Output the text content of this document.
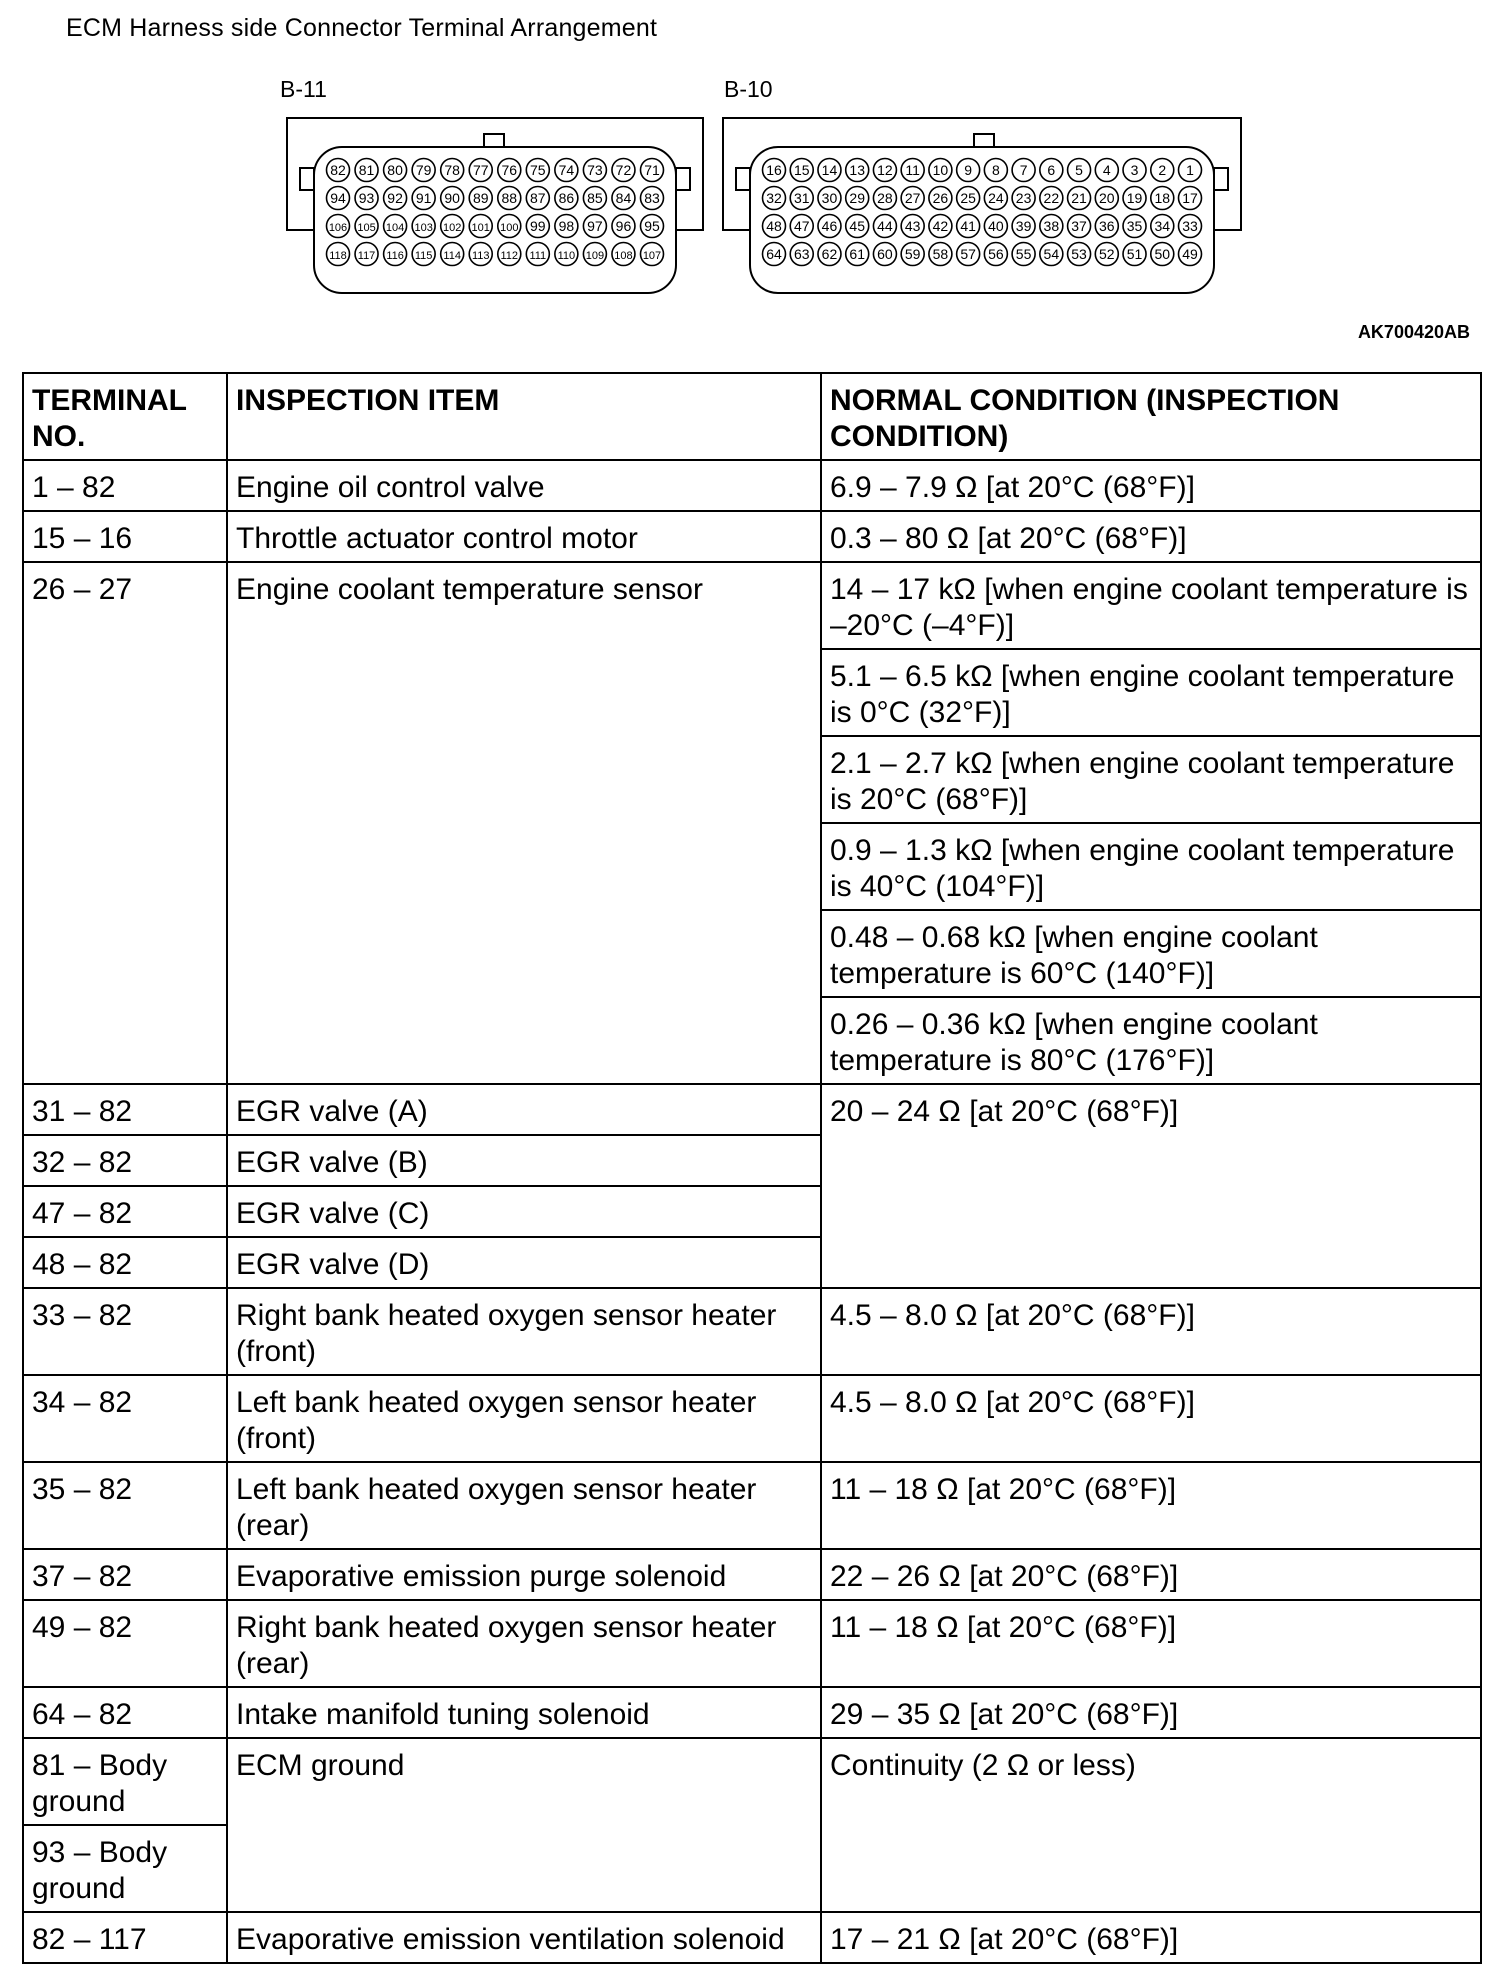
ECM Harness side Connector Terminal Arrangement
B-11	B-10
82 81 80 79 78 77 76 75 74 73 72 71
94 93 92 91 90 89 88 87 86 85 84 83
106 105 104 103 102 101 100 99 98 97 96 95
118 117 116 115 114 113 112 111 110 109 108 107
16 15 14 13 12 11 10 9 8 7 6 5 4 3 2 1
32 31 30 29 28 27 26 25 24 23 22 21 20 19 18 17
48 47 46 45 44 43 42 41 40 39 38 37 36 35 34 33
64 63 62 61 60 59 58 57 56 55 54 53 52 51 50 49
AK700420AB
TERMINAL NO.	INSPECTION ITEM	NORMAL CONDITION (INSPECTION CONDITION)
1 – 82	Engine oil control valve	6.9 – 7.9 Ω [at 20°C (68°F)]
15 – 16	Throttle actuator control motor	0.3 – 80 Ω [at 20°C (68°F)]
26 – 27	Engine coolant temperature sensor	14 – 17 kΩ [when engine coolant temperature is –20°C (–4°F)]
		5.1 – 6.5 kΩ [when engine coolant temperature is 0°C (32°F)]
		2.1 – 2.7 kΩ [when engine coolant temperature is 20°C (68°F)]
		0.9 – 1.3 kΩ [when engine coolant temperature is 40°C (104°F)]
		0.48 – 0.68 kΩ [when engine coolant temperature is 60°C (140°F)]
		0.26 – 0.36 kΩ [when engine coolant temperature is 80°C (176°F)]
31 – 82	EGR valve (A)	20 – 24 Ω [at 20°C (68°F)]
32 – 82	EGR valve (B)	
47 – 82	EGR valve (C)	
48 – 82	EGR valve (D)	
33 – 82	Right bank heated oxygen sensor heater (front)	4.5 – 8.0 Ω [at 20°C (68°F)]
34 – 82	Left bank heated oxygen sensor heater (front)	4.5 – 8.0 Ω [at 20°C (68°F)]
35 – 82	Left bank heated oxygen sensor heater (rear)	11 – 18 Ω [at 20°C (68°F)]
37 – 82	Evaporative emission purge solenoid	22 – 26 Ω [at 20°C (68°F)]
49 – 82	Right bank heated oxygen sensor heater (rear)	11 – 18 Ω [at 20°C (68°F)]
64 – 82	Intake manifold tuning solenoid	29 – 35 Ω [at 20°C (68°F)]
81 – Body ground	ECM ground	Continuity (2 Ω or less)
93 – Body ground		
82 – 117	Evaporative emission ventilation solenoid	17 – 21 Ω [at 20°C (68°F)]
